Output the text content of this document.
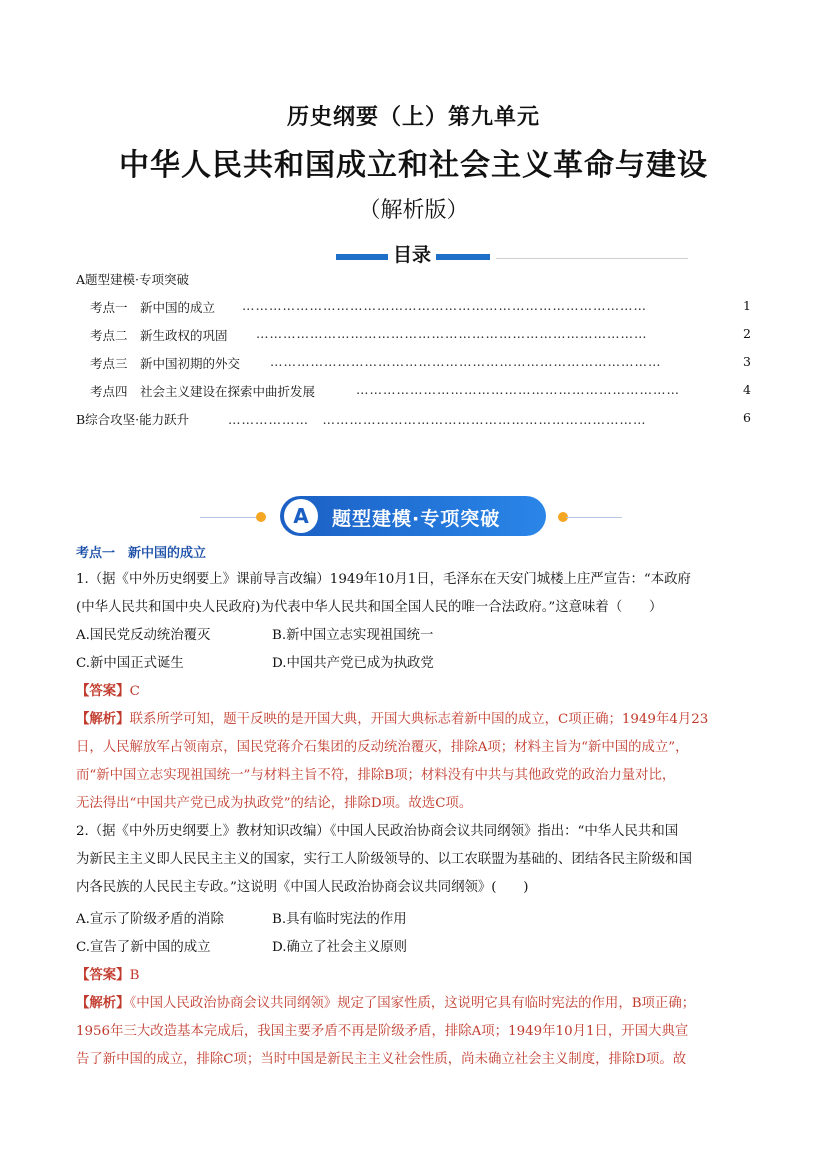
历史纲要（上）第九单元
中华人民共和国成立和社会主义革命与建设
（解析版）
目录
A题型建模·专项突破
考点一　新中国的成立 ………………………………………………………………………………	1
考点二　新生政权的巩固 ……………………………………………………………………………	2
考点三　新中国初期的外交 ……………………………………………………………………………	3
考点四　社会主义建设在探索中曲折发展	………………………………………………………………	4
B综合攻坚·能力跃升	………………　………………………………………………………………	6
A	题型建模·专项突破
考点一　新中国的成立
1.（据《中外历史纲要上》课前导言改编）1949年10月1日，毛泽东在天安门城楼上庄严宣告：“本政府
(中华人民共和国中央人民政府)为代表中华人民共和国全国人民的唯一合法政府。”这意味着（　　）
A.国民党反动统治覆灭	B.新中国立志实现祖国统一
C.新中国正式诞生	D.中国共产党已成为执政党
【答案】C
【解析】联系所学可知，题干反映的是开国大典，开国大典标志着新中国的成立，C项正确；1949年4月23
日，人民解放军占领南京，国民党蒋介石集团的反动统治覆灭，排除A项；材料主旨为“新中国的成立”，
而“新中国立志实现祖国统一”与材料主旨不符，排除B项；材料没有中共与其他政党的政治力量对比，
无法得出“中国共产党已成为执政党”的结论，排除D项。故选C项。
2.（据《中外历史纲要上》教材知识改编）《中国人民政治协商会议共同纲领》指出：“中华人民共和国
为新民主主义即人民民主主义的国家，实行工人阶级领导的、以工农联盟为基础的、团结各民主阶级和国
内各民族的人民民主专政。”这说明《中国人民政治协商会议共同纲领》(　　)
A.宣示了阶级矛盾的消除	B.具有临时宪法的作用
C.宣告了新中国的成立	D.确立了社会主义原则
【答案】B
【解析】《中国人民政治协商会议共同纲领》规定了国家性质，这说明它具有临时宪法的作用，B项正确；
1956年三大改造基本完成后，我国主要矛盾不再是阶级矛盾，排除A项；1949年10月1日，开国大典宣
告了新中国的成立，排除C项；当时中国是新民主主义社会性质，尚未确立社会主义制度，排除D项。故
